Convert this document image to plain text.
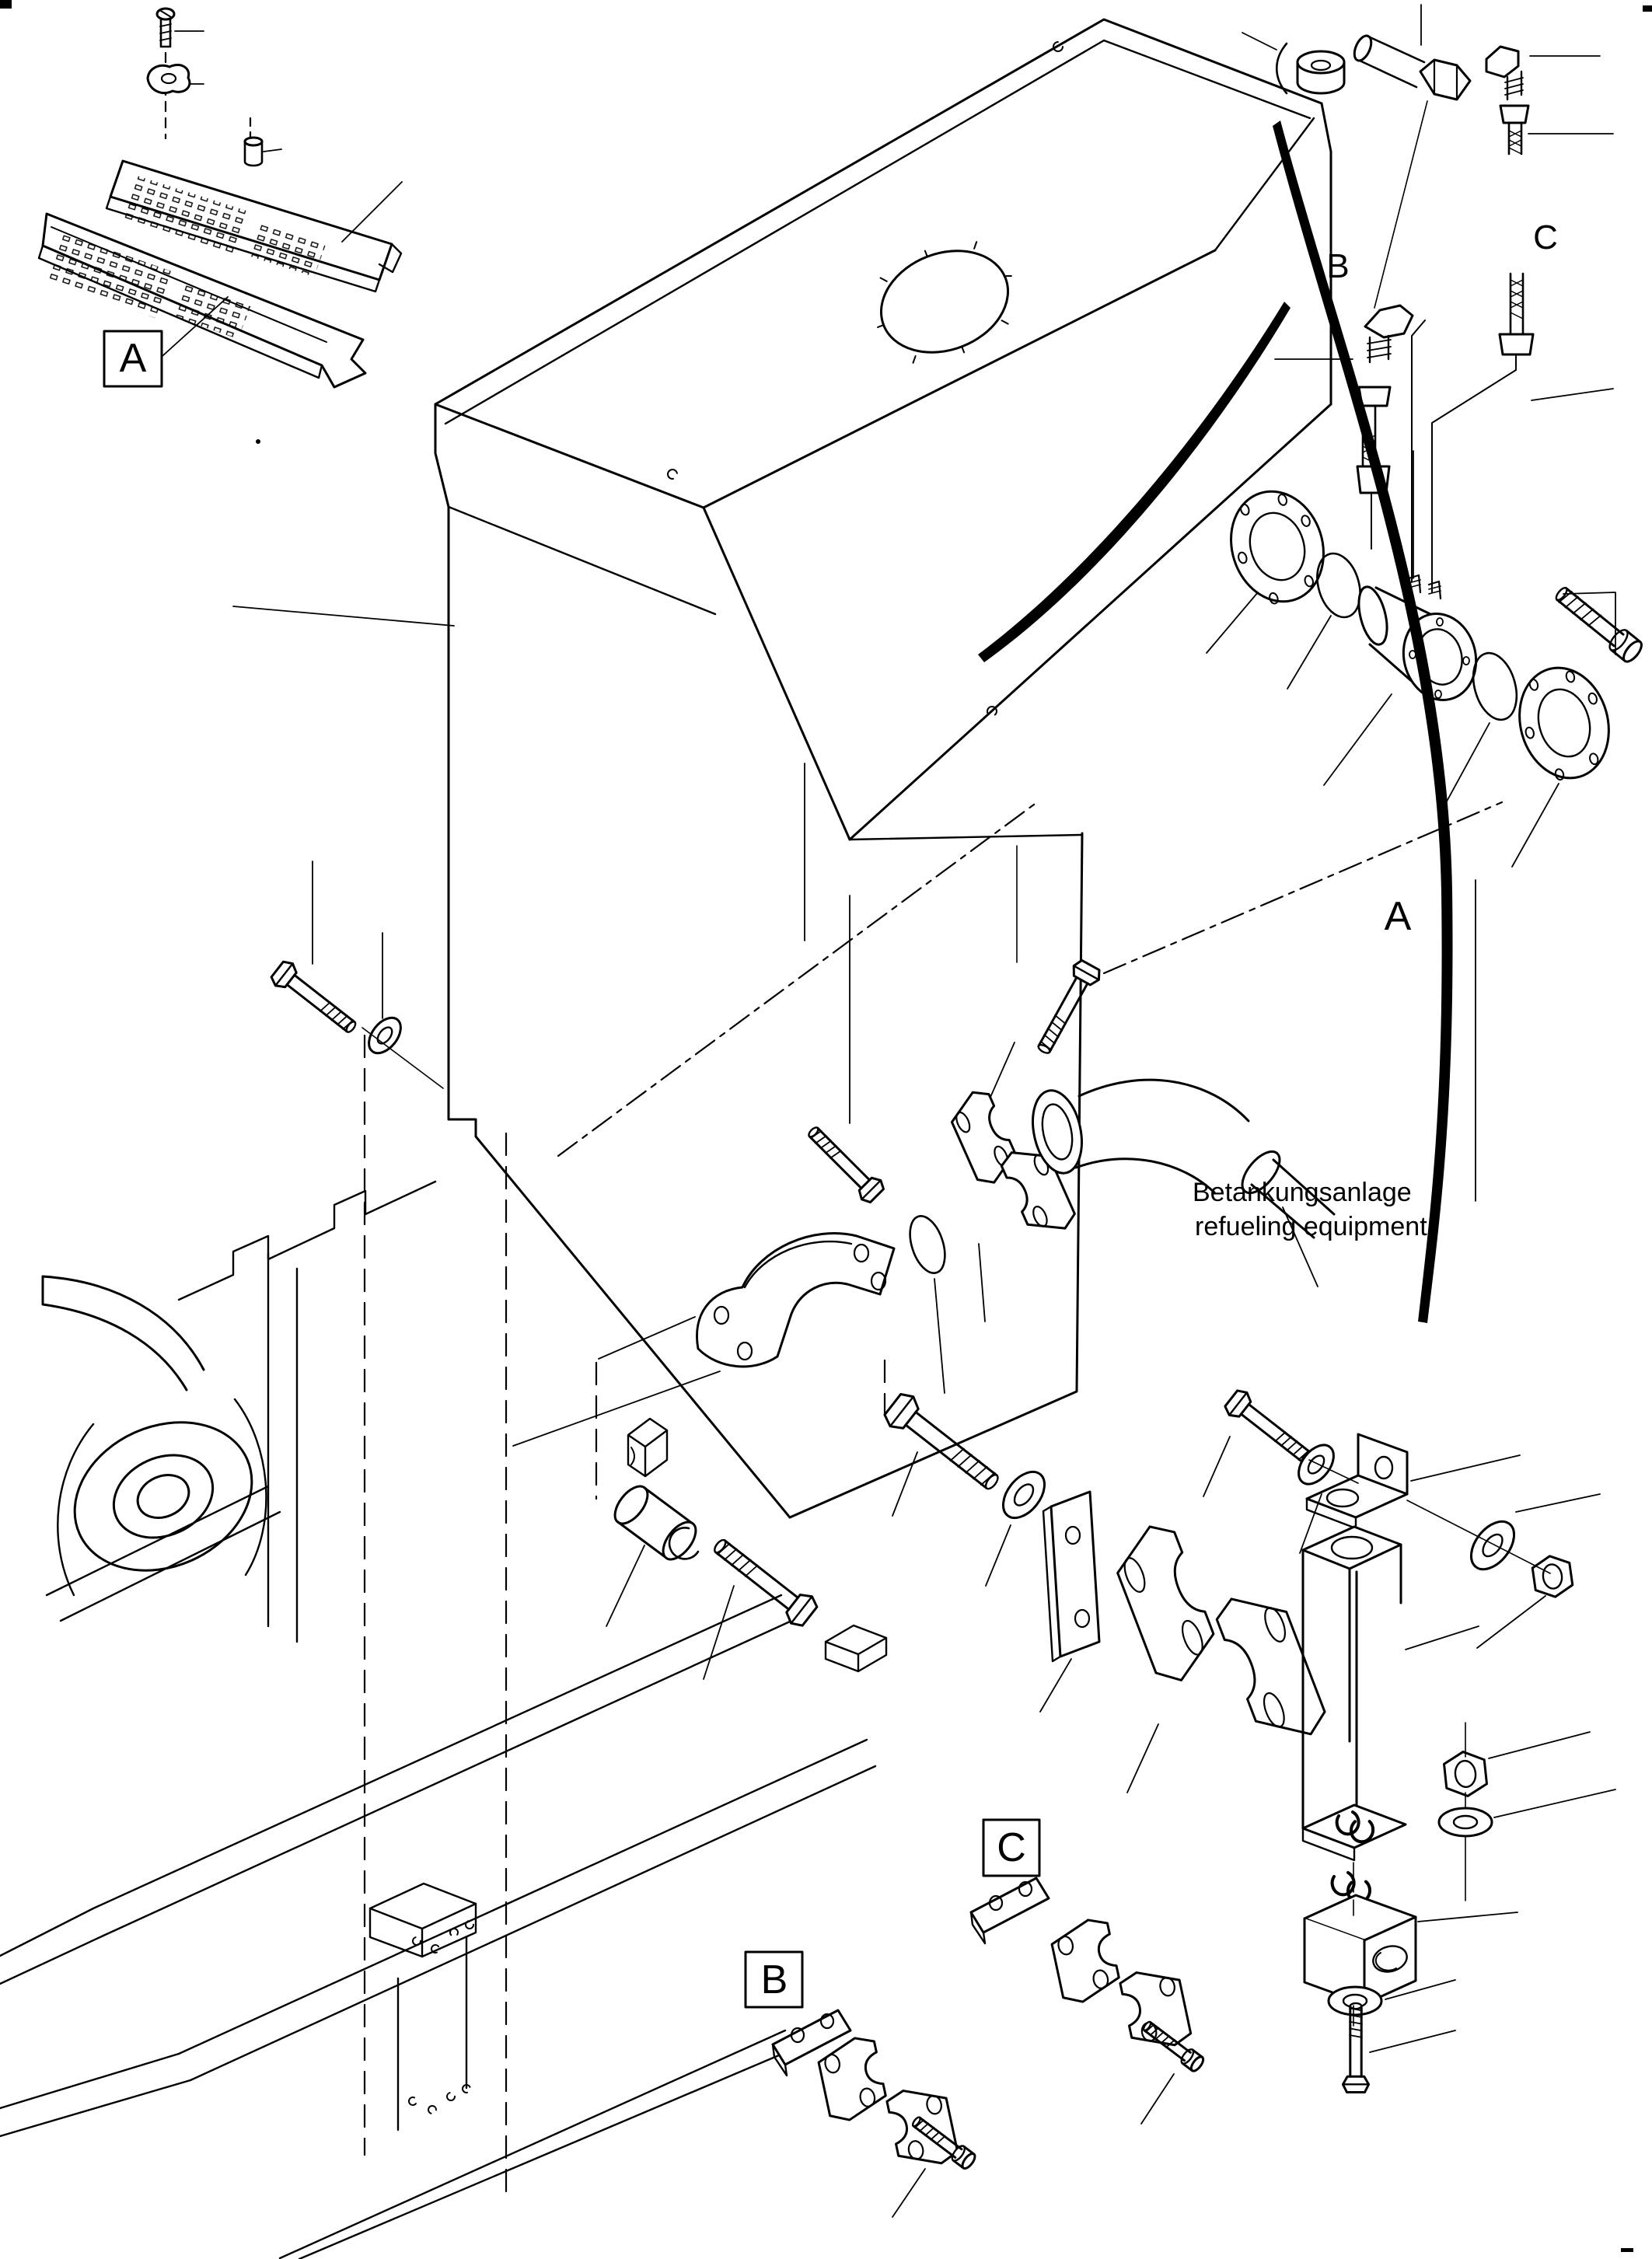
A
B
C
A
Betankungsanlage
refueling equipment
B
C
